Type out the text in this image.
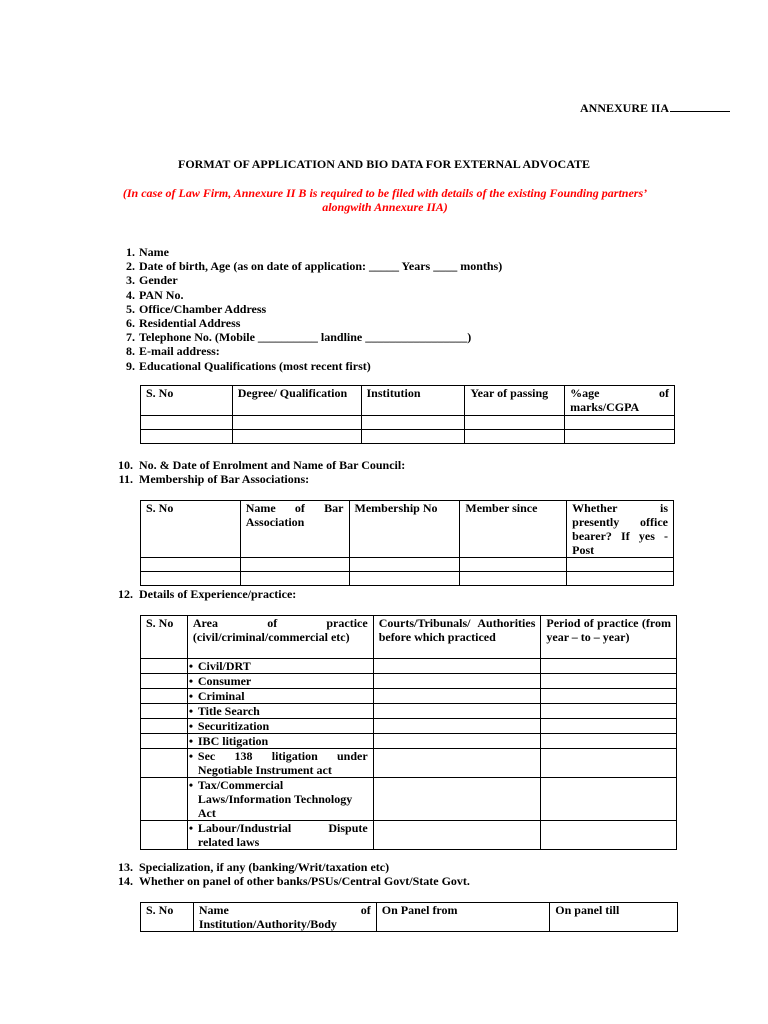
ANNEXURE IIA
FORMAT OF APPLICATION AND BIO DATA FOR EXTERNAL ADVOCATE
(In case of Law Firm, Annexure II B is required to be filed with details of the existing Founding partners’
alongwith Annexure IIA)
1 . Name
2 . Date of birth, Age (as on date of application: _____ Years ____ months)
3 . Gender
4 . PAN No.
5 . Office/Chamber Address
6 . Residential Address
7 . Telephone No. (Mobile __________ landline _________________)
8 . E-mail address:
9 . Educational Qualifications (most recent first)
S. No	Degree/ Qualification	Institution	Year of passing	%age of marks/CGPA

10 . No. & Date of Enrolment and Name of Bar Council:
11 . Membership of Bar Associations:
S. No	Name of Bar Association	Membership No	Member since	Whether is presently office bearer? If yes - Post

12 . Details of Experience/practice:
S. No	Area of practice (civil/criminal/commercial etc)	Courts/Tribunals/ Authorities before which practiced	Period of practice (from year – to – year)

	• Civil/DRT		

	• Consumer		

	• Criminal		

	• Title Search		

	• Securitization		

	• IBC litigation		

	• Sec 138 litigation under Negotiable Instrument act		

	• Tax/Commercial Laws/Information Technology Act		

	• Labour/Industrial Dispute related laws		

13 . Specialization, if any (banking/Writ/taxation etc)
14 . Whether on panel of other banks/PSUs/Central Govt/State Govt.
S. No	Name of Institution/Authority/Body	On Panel from	On panel till
